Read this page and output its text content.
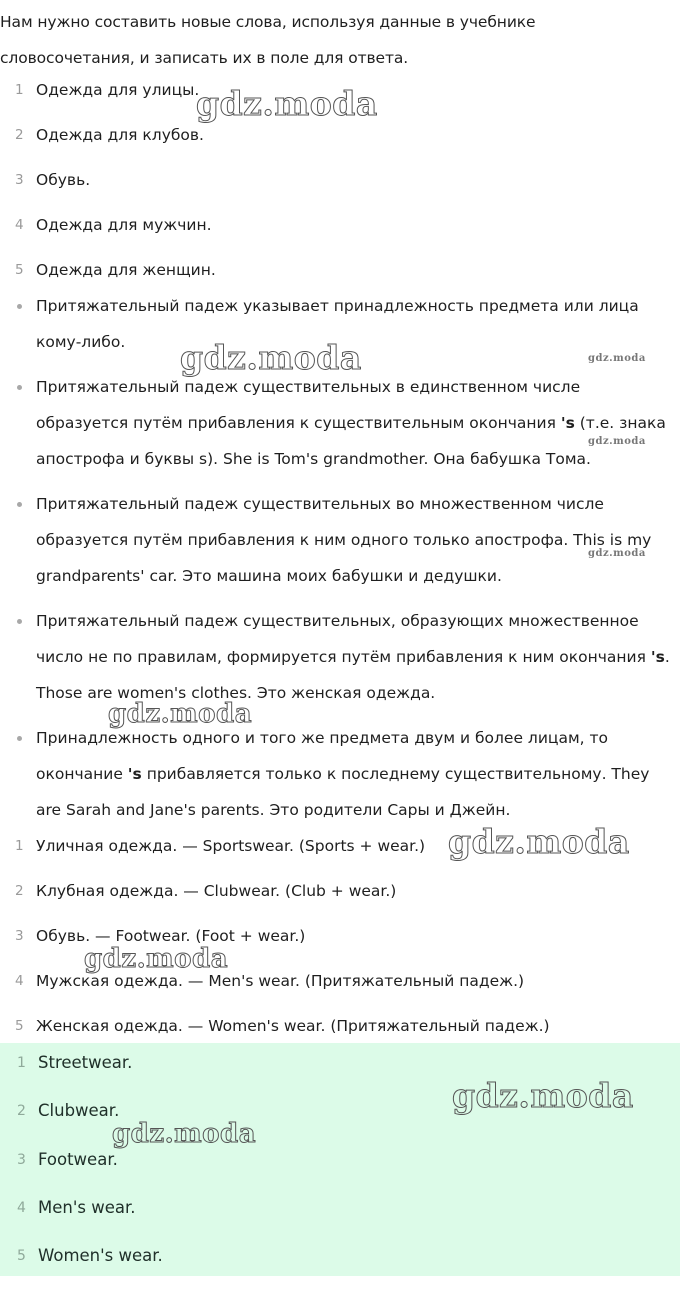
Нам нужно составить новые слова, используя данные в учебнике словосочетания, и записать их в поле для ответа.
1 Одежда для улицы.
2 Одежда для клубов.
3 Обувь.
4 Одежда для мужчин.
5 Одежда для женщин.
Притяжательный падеж указывает принадлежность предмета или лица кому-либо.
Притяжательный падеж существительных в единственном числе образуется путём прибавления к существительным окончания 's (т.е. знака апострофа и буквы s). She is Tom's grandmother. Она бабушка Тома.
Притяжательный падеж существительных во множественном числе образуется путём прибавления к ним одного только апострофа. This is my grandparents' car. Это машина моих бабушки и дедушки.
Притяжательный падеж существительных, образующих множественное число не по правилам, формируется путём прибавления к ним окончания 's. Those are women's clothes. Это женская одежда.
Принадлежность одного и того же предмета двум и более лицам, то окончание 's прибавляется только к последнему существительному. They are Sarah and Jane's parents. Это родители Сары и Джейн.
1 Уличная одежда. — Sportswear. (Sports + wear.)
2 Клубная одежда. — Clubwear. (Club + wear.)
3 Обувь. — Footwear. (Foot + wear.)
4 Мужская одежда. — Men's wear. (Притяжательный падеж.)
5 Женская одежда. — Women's wear. (Притяжательный падеж.)
1 Streetwear.
2 Clubwear.
3 Footwear.
4 Men's wear.
5 Women's wear.
gdz.moda
gdz.moda	gdz.moda
gdz.moda
gdz.moda
gdz.moda
gdz.moda
gdz.moda
